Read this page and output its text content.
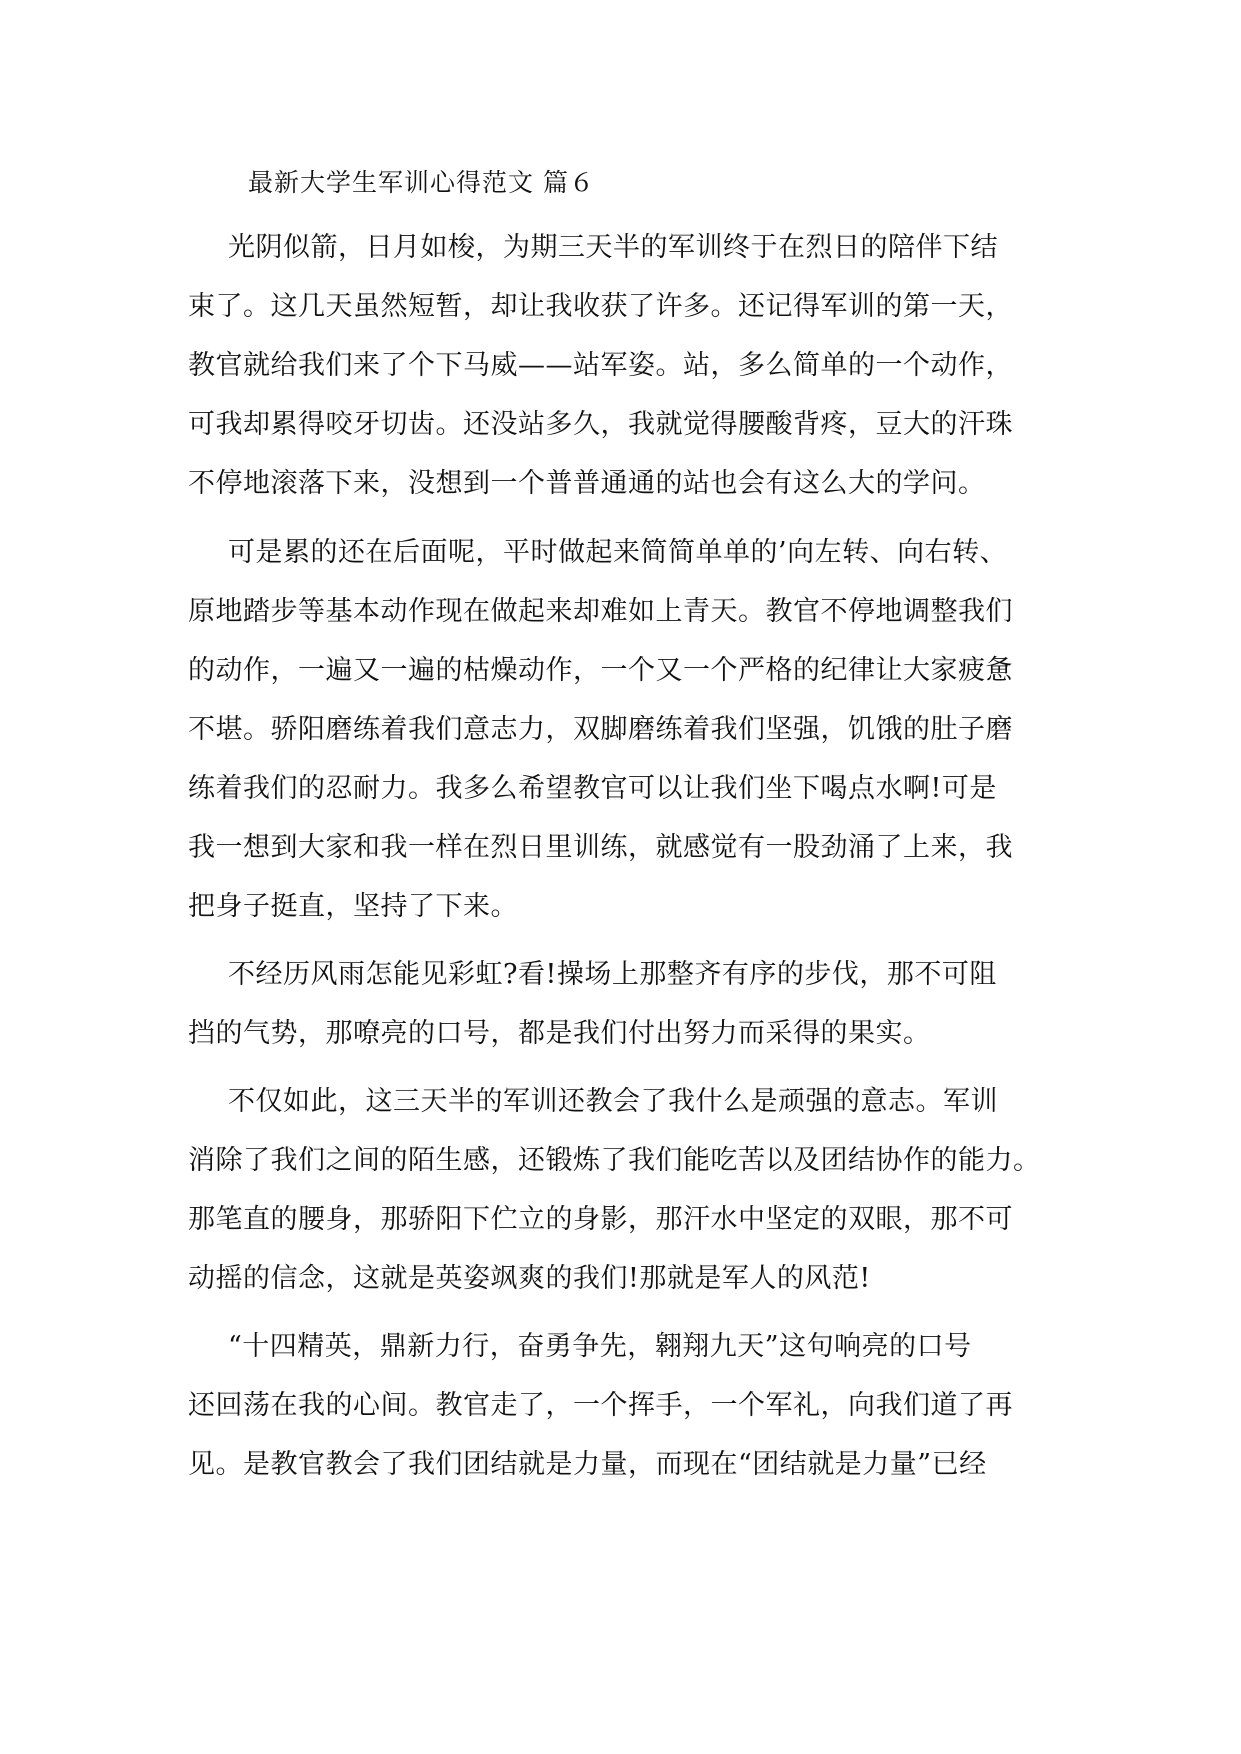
最新大学生军训心得范文 篇６
光阴似箭，日月如梭，为期三天半的军训终于在烈日的陪伴下结
束了。这几天虽然短暂，却让我收获了许多。还记得军训的第一天，
教官就给我们来了个下马威——站军姿。站，多么简单的一个动作，
可我却累得咬牙切齿。还没站多久，我就觉得腰酸背疼，豆大的汗珠
不停地滚落下来，没想到一个普普通通的站也会有这么大的学问。
可是累的还在后面呢，平时做起来简简单单的’向左转、向右转、
原地踏步等基本动作现在做起来却难如上青天。教官不停地调整我们
的动作，一遍又一遍的枯燥动作，一个又一个严格的纪律让大家疲惫
不堪。骄阳磨练着我们意志力，双脚磨练着我们坚强，饥饿的肚子磨
练着我们的忍耐力。我多么希望教官可以让我们坐下喝点水啊!可是
我一想到大家和我一样在烈日里训练，就感觉有一股劲涌了上来，我
把身子挺直，坚持了下来。
不经历风雨怎能见彩虹?看!操场上那整齐有序的步伐，那不可阻
挡的气势，那嘹亮的口号，都是我们付出努力而采得的果实。
不仅如此，这三天半的军训还教会了我什么是顽强的意志。军训
消除了我们之间的陌生感，还锻炼了我们能吃苦以及团结协作的能力。
那笔直的腰身，那骄阳下伫立的身影，那汗水中坚定的双眼，那不可
动摇的信念，这就是英姿飒爽的我们!那就是军人的风范!
“十四精英，鼎新力行，奋勇争先，翱翔九天”这句响亮的口号
还回荡在我的心间。教官走了，一个挥手，一个军礼，向我们道了再
见。是教官教会了我们团结就是力量，而现在“团结就是力量”已经
